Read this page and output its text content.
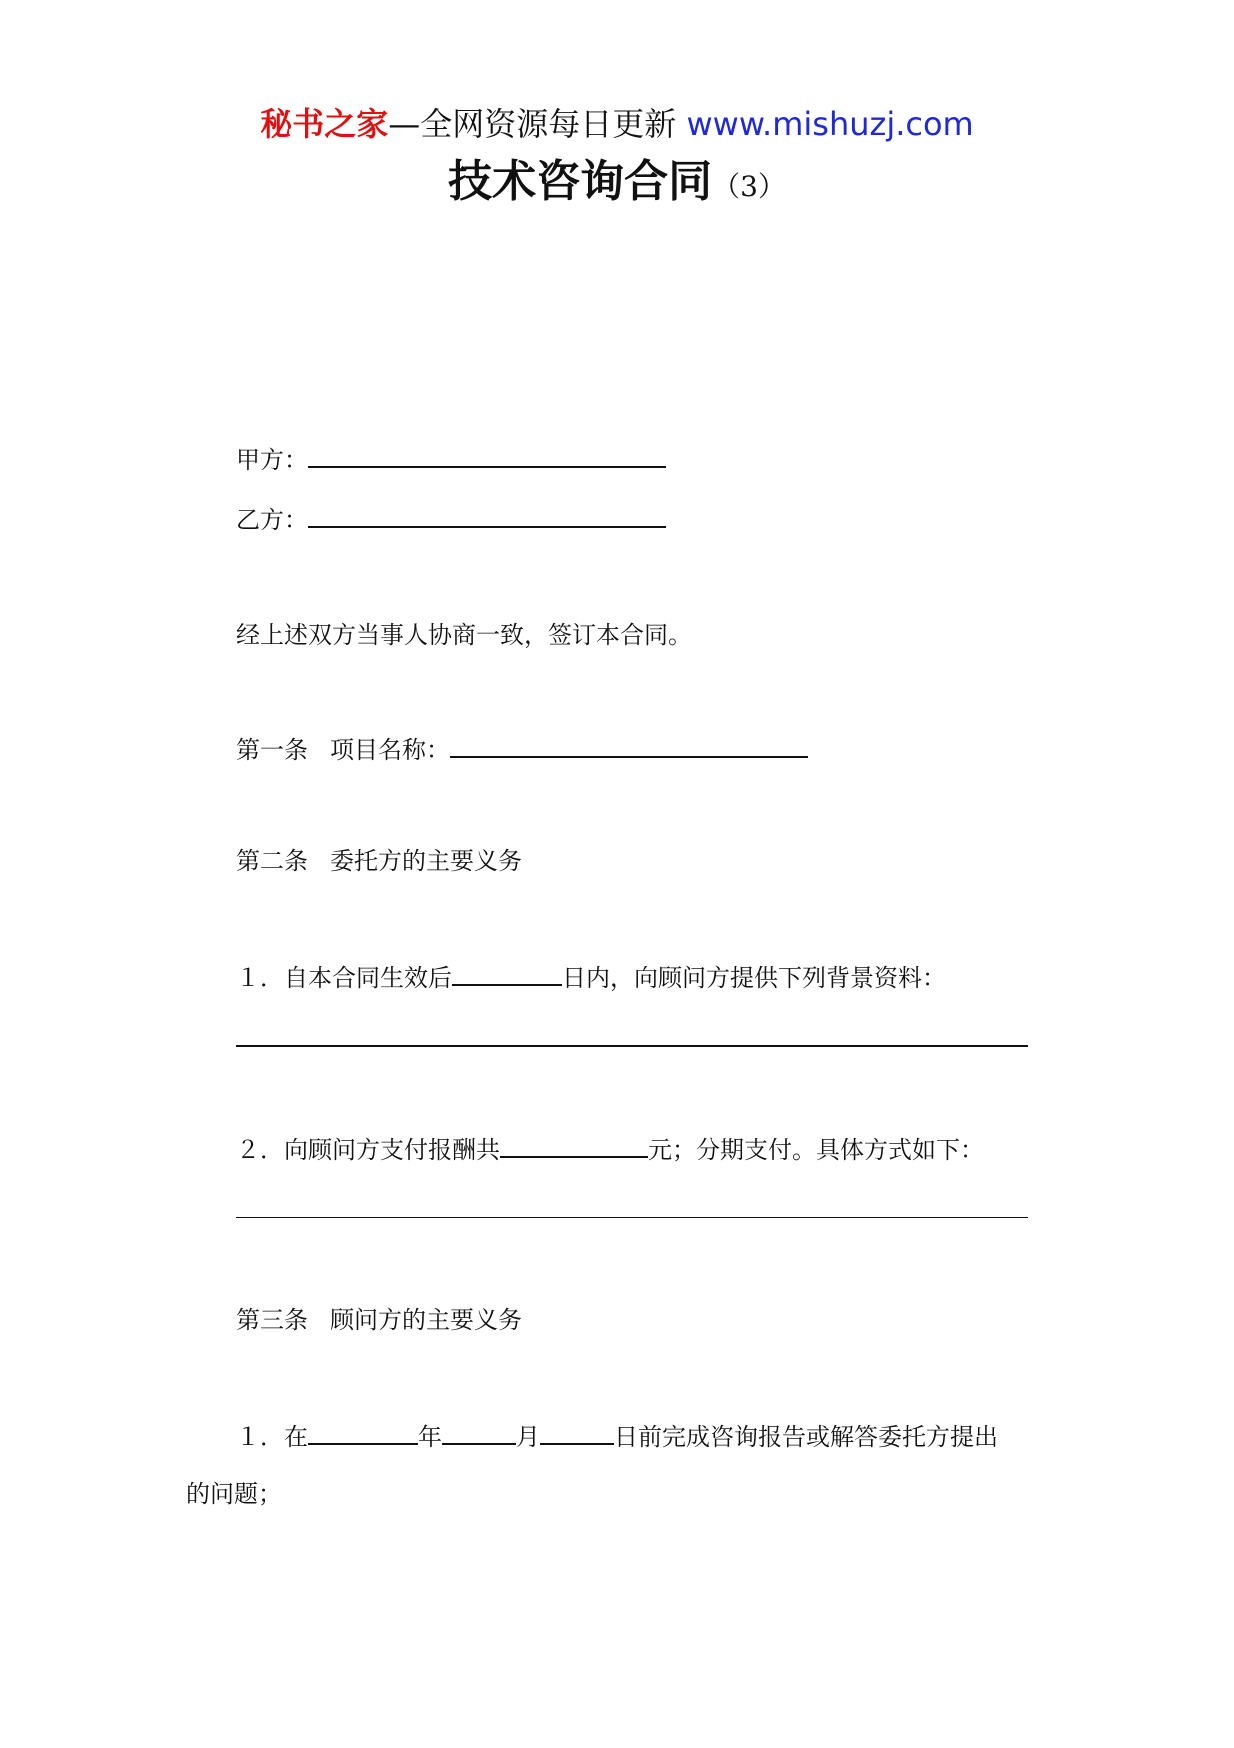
秘书之家—全网资源每日更新 www.mishuzj.com
技术咨询合同（3）
甲方：
乙方：
经上述双方当事人协商一致，签订本合同。
第一条 项目名称：
第二条 委托方的主要义务
１．自本合同生效后	日内，向顾问方提供下列背景资料：
２．向顾问方支付报酬共	元；分期支付。具体方式如下：
第三条 顾问方的主要义务
１．在	年	月	日前完成咨询报告或解答委托方提出
的问题；
